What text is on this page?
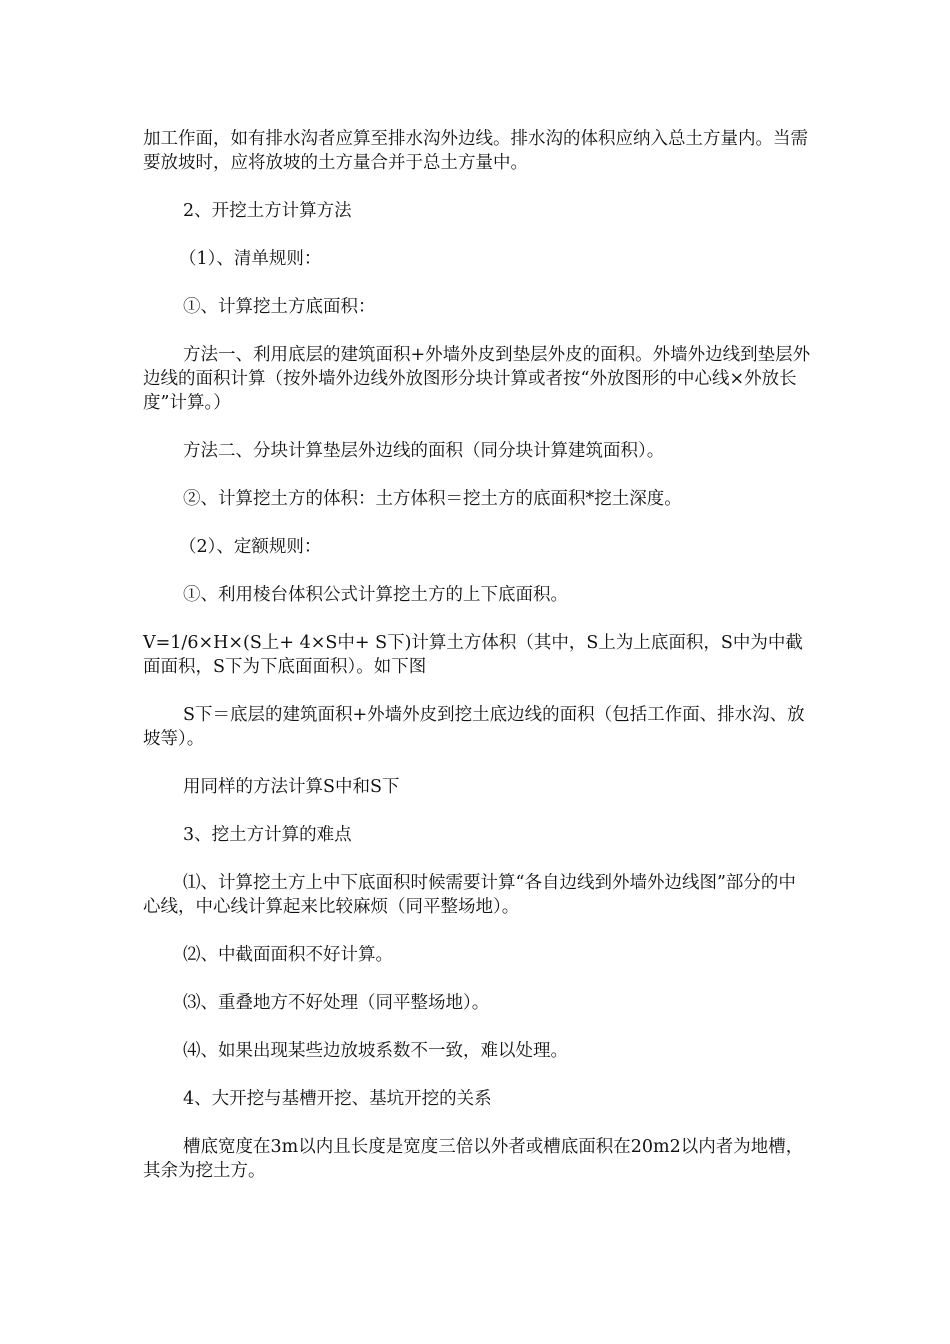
加工作面，如有排水沟者应算至排水沟外边线。排水沟的体积应纳入总土方量内。当需要放坡时，应将放坡的土方量合并于总土方量中。

2、开挖土方计算方法

（1）、清单规则：

①、计算挖土方底面积：

方法一、利用底层的建筑面积+外墙外皮到垫层外皮的面积。外墙外边线到垫层外边线的面积计算（按外墙外边线外放图形分块计算或者按“外放图形的中心线×外放长度”计算。）

方法二、分块计算垫层外边线的面积（同分块计算建筑面积）。

②、计算挖土方的体积：土方体积＝挖土方的底面积*挖土深度。

（2）、定额规则：

①、利用棱台体积公式计算挖土方的上下底面积。

V=1/6×H×(S上+ 4×S中+ S下)计算土方体积（其中，S上为上底面积，S中为中截面面积，S下为下底面面积）。如下图

S下＝底层的建筑面积+外墙外皮到挖土底边线的面积（包括工作面、排水沟、放坡等）。

用同样的方法计算S中和S下

3、挖土方计算的难点

⑴、计算挖土方上中下底面积时候需要计算“各自边线到外墙外边线图”部分的中心线，中心线计算起来比较麻烦（同平整场地）。

⑵、中截面面积不好计算。

⑶、重叠地方不好处理（同平整场地）。

⑷、如果出现某些边放坡系数不一致，难以处理。

4、大开挖与基槽开挖、基坑开挖的关系

槽底宽度在3m以内且长度是宽度三倍以外者或槽底面积在20m2以内者为地槽，其余为挖土方。
